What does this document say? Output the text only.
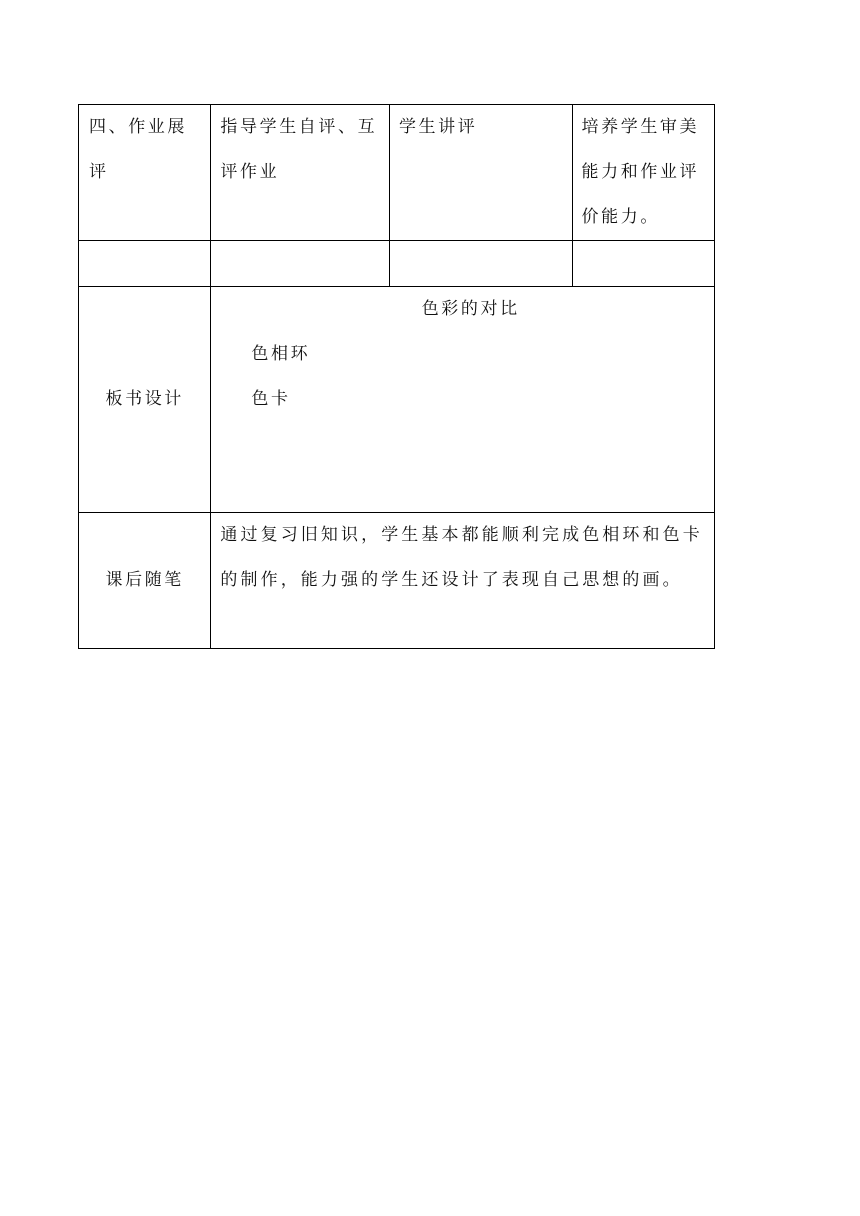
四、作业展评	指导学生自评、互评作业	学生讲评	培养学生审美能力和作业评价能力。

板书设计	色彩的对比
色相环
色卡		

课后随笔	通过复习旧知识，学生基本都能顺利完成色相环和色卡的制作，能力强的学生还设计了表现自己思想的画。		
